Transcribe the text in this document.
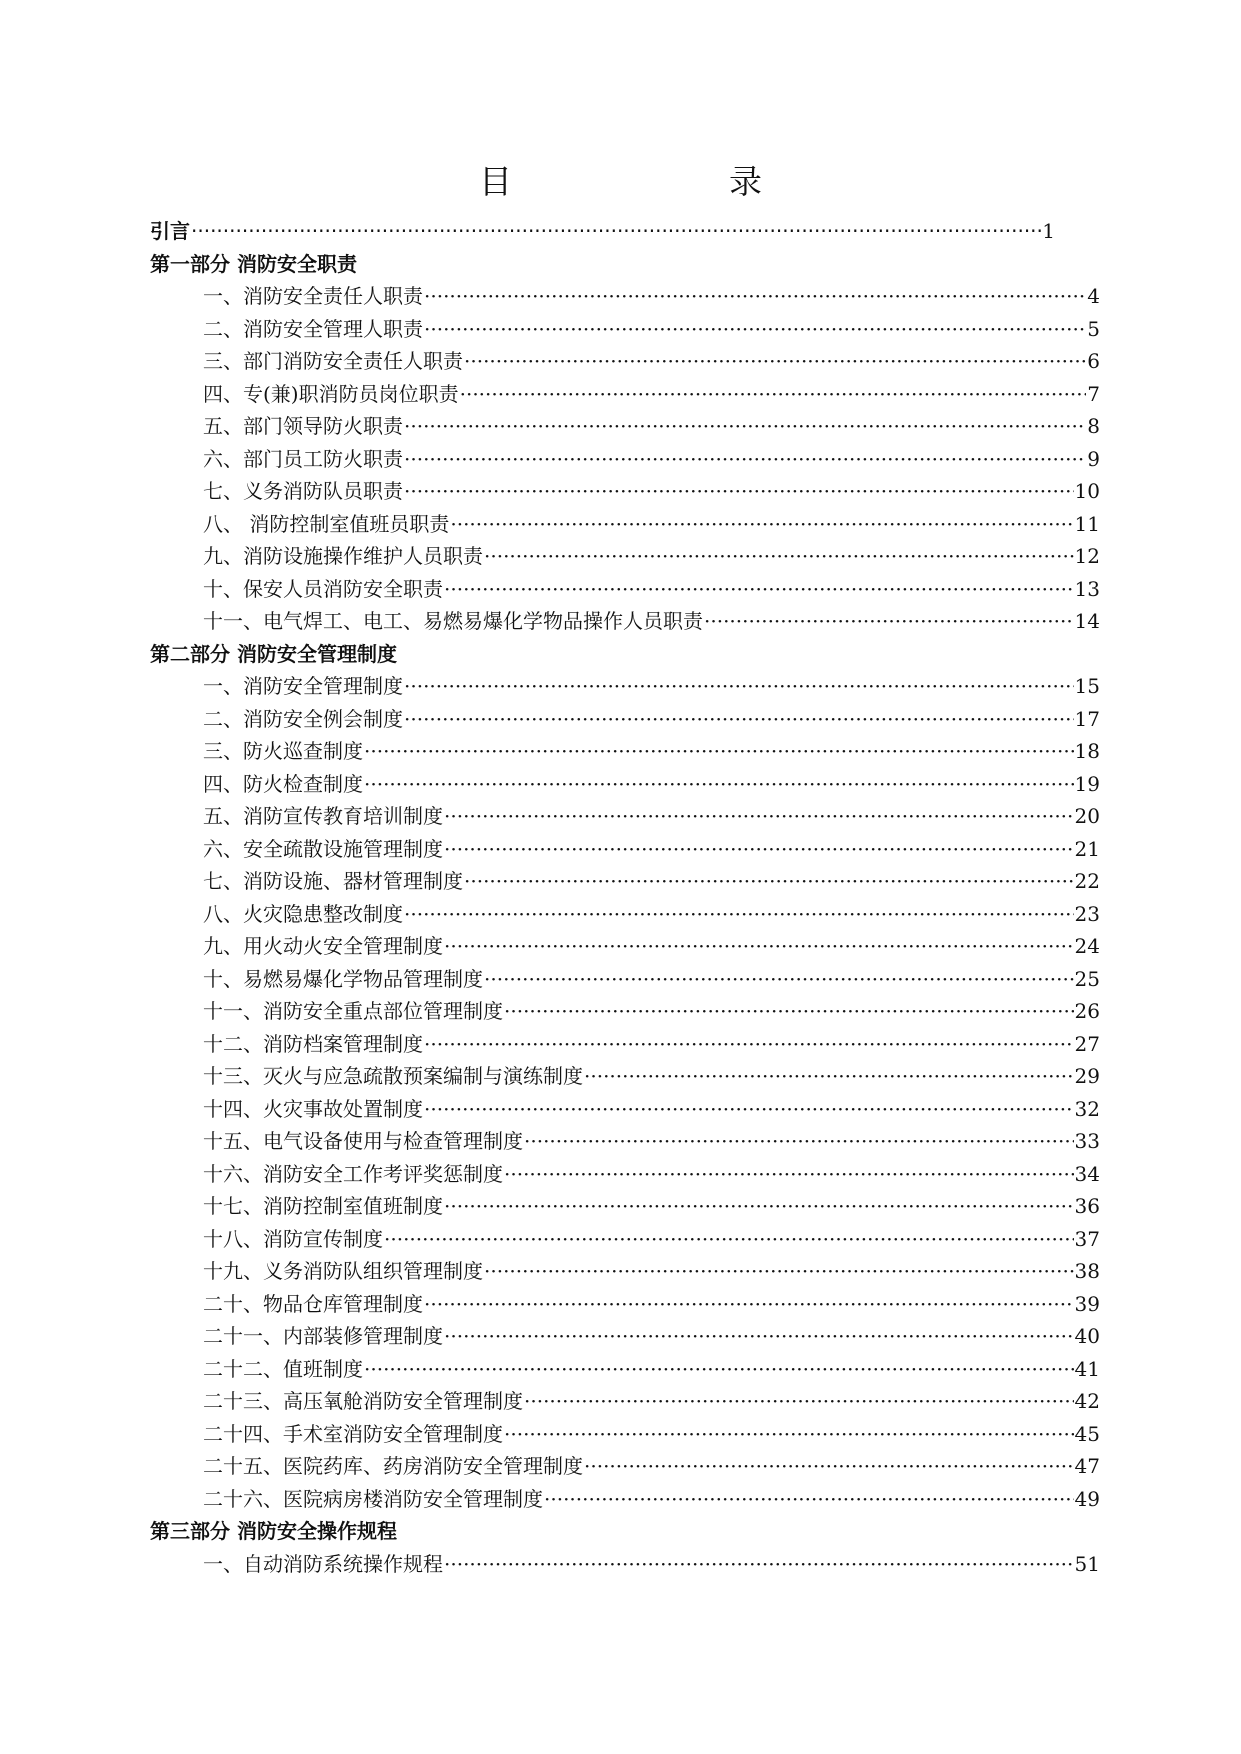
目　录
引言 ·····	1
第一部分 消防安全职责
一、消防安全责任人职责 ·····	4
二、消防安全管理人职责 ·····	5
三、部门消防安全责任人职责 ·····	6
四、专(兼)职消防员岗位职责 ·····	7
五、部门领导防火职责 ·····	8
六、部门员工防火职责 ·····	9
七、义务消防队员职责 ·····	10
八、 消防控制室值班员职责 ·····	11
九、消防设施操作维护人员职责 ·····	12
十、保安人员消防安全职责 ·····	13
十一、电气焊工、电工、易燃易爆化学物品操作人员职责 ·····	14
第二部分 消防安全管理制度
一、消防安全管理制度 ·····	15
二、消防安全例会制度 ·····	17
三、防火巡查制度 ·····	18
四、防火检查制度 ·····	19
五、消防宣传教育培训制度 ·····	20
六、安全疏散设施管理制度 ·····	21
七、消防设施、器材管理制度 ·····	22
八、火灾隐患整改制度 ·····	23
九、用火动火安全管理制度 ·····	24
十、易燃易爆化学物品管理制度 ·····	25
十一、消防安全重点部位管理制度 ·····	26
十二、消防档案管理制度 ·····	27
十三、灭火与应急疏散预案编制与演练制度 ·····	29
十四、火灾事故处置制度 ·····	32
十五、电气设备使用与检查管理制度 ·····	33
十六、消防安全工作考评奖惩制度 ·····	34
十七、消防控制室值班制度 ·····	36
十八、消防宣传制度 ·····	37
十九、义务消防队组织管理制度 ·····	38
二十、物品仓库管理制度 ·····	39
二十一、内部装修管理制度 ·····	40
二十二、值班制度 ·····	41
二十三、高压氧舱消防安全管理制度 ·····	42
二十四、手术室消防安全管理制度 ·····	45
二十五、医院药库、药房消防安全管理制度 ·····	47
二十六、医院病房楼消防安全管理制度 ·····	49
第三部分 消防安全操作规程
一、自动消防系统操作规程 ·····	51
